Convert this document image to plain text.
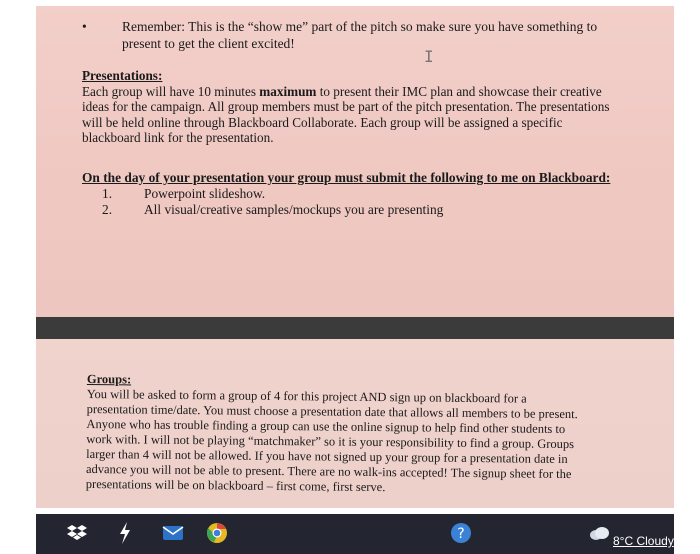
•	Remember: This is the “show me” part of the pitch so make sure you have something to
present to get the client excited!
I
Presentations:
Each group will have 10 minutes maximum to present their IMC plan and showcase their creative
ideas for the campaign. All group members must be part of the pitch presentation. The presentations
will be held online through Blackboard Collaborate. Each group will be assigned a specific
blackboard link for the presentation.
On the day of your presentation your group must submit the following to me on Blackboard:
1. Powerpoint slideshow.
2. All visual/creative samples/mockups you are presenting
Groups:
You will be asked to form a group of 4 for this project AND sign up on blackboard for a
presentation time/date. You must choose a presentation date that allows all members to be present.
Anyone who has trouble finding a group can use the online signup to help find other students to
work with. I will not be playing “matchmaker” so it is your responsibility to find a group. Groups
larger than 4 will not be allowed. If you have not signed up your group for a presentation date in
advance you will not be able to present. There are no walk-ins accepted! The signup sheet for the
presentations will be on blackboard – first come, first serve.
?	8°C Cloudy ^
